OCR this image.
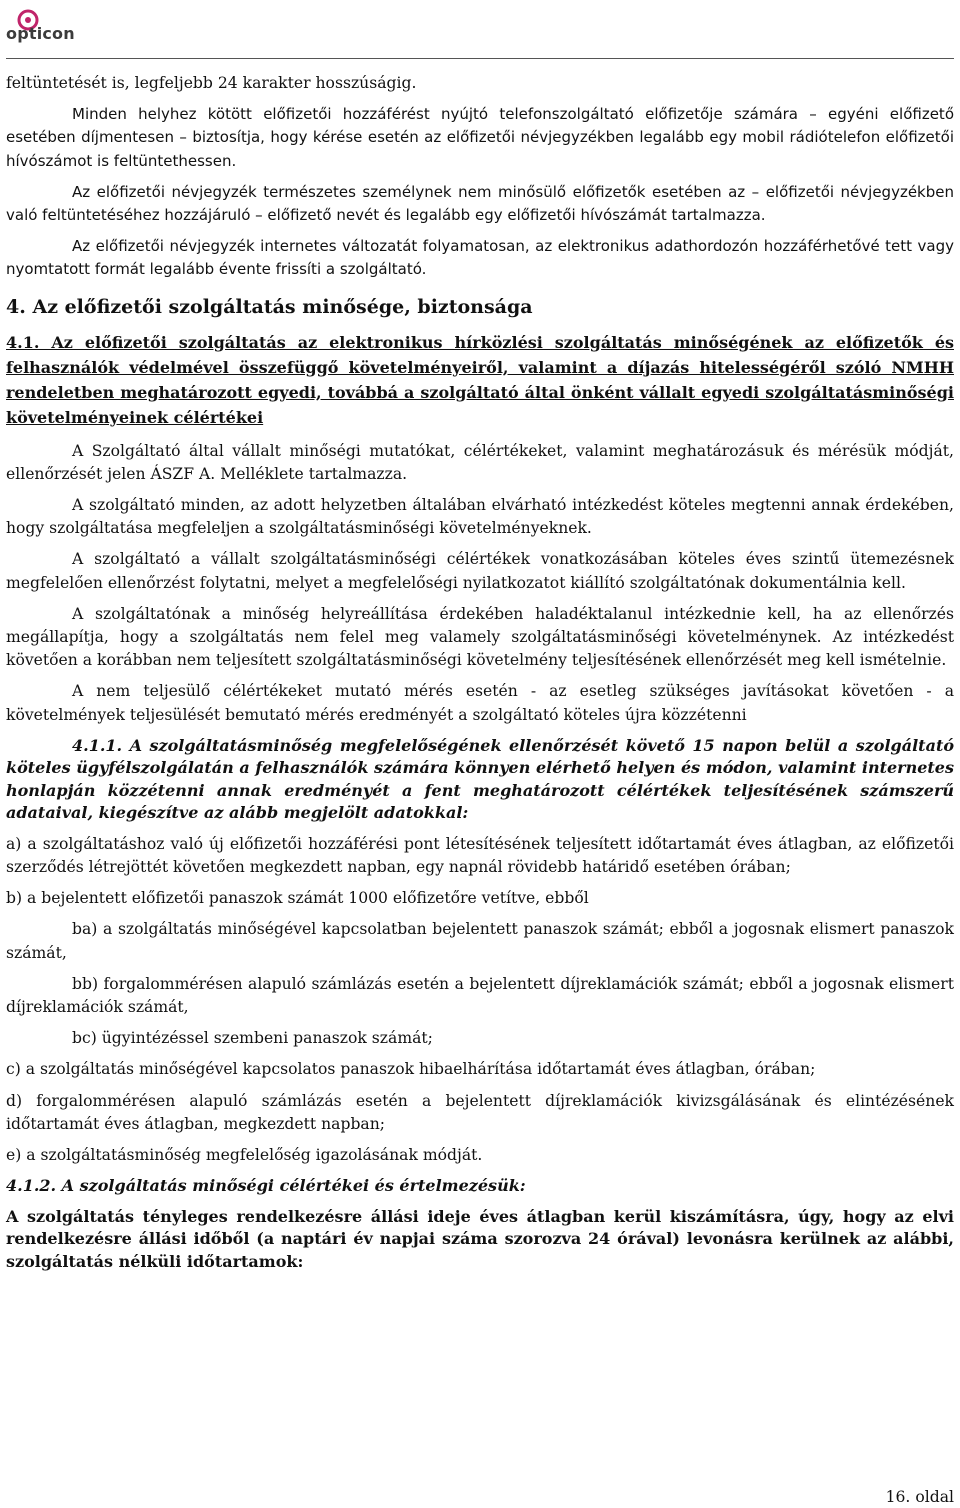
opticon

feltüntetését is, legfeljebb 24 karakter hosszúságig.

Minden helyhez kötött előfizetői hozzáférést nyújtó telefonszolgáltató előfizetője számára – egyéni előfizető esetében díjmentesen – biztosítja, hogy kérése esetén az előfizetői névjegyzékben legalább egy mobil rádiótelefon előfizetői hívószámot is feltüntethessen.

Az előfizetői névjegyzék természetes személynek nem minősülő előfizetők esetében az – előfizetői névjegyzékben való feltüntetéséhez hozzájáruló – előfizető nevét és legalább egy előfizetői hívószámát tartalmazza.

Az előfizetői névjegyzék internetes változatát folyamatosan, az elektronikus adathordozón hozzáférhetővé tett vagy nyomtatott formát legalább évente frissíti a szolgáltató.

4. Az előfizetői szolgáltatás minősége, biztonsága

4.1. Az előfizetői szolgáltatás az elektronikus hírközlési szolgáltatás minőségének az előfizetők és felhasználók védelmével összefüggő követelményeiről, valamint a díjazás hitelességéről szóló NMHH rendeletben meghatározott egyedi, továbbá a szolgáltató által önként vállalt egyedi szolgáltatásminőségi követelményeinek célértékei

A Szolgáltató által vállalt minőségi mutatókat, célértékeket, valamint meghatározásuk és mérésük módját, ellenőrzését jelen ÁSZF A. Melléklete tartalmazza.

A szolgáltató minden, az adott helyzetben általában elvárható intézkedést köteles megtenni annak érdekében, hogy szolgáltatása megfeleljen a szolgáltatásminőségi követelményeknek.

A szolgáltató a vállalt szolgáltatásminőségi célértékek vonatkozásában köteles éves szintű ütemezésnek megfelelően ellenőrzést folytatni, melyet a megfelelőségi nyilatkozatot kiállító szolgáltatónak dokumentálnia kell.

A szolgáltatónak a minőség helyreállítása érdekében haladéktalanul intézkednie kell, ha az ellenőrzés megállapítja, hogy a szolgáltatás nem felel meg valamely szolgáltatásminőségi követelménynek. Az intézkedést követően a korábban nem teljesített szolgáltatásminőségi követelmény teljesítésének ellenőrzését meg kell ismételnie.

A nem teljesülő célértékeket mutató mérés esetén - az esetleg szükséges javításokat követően - a követelmények teljesülését bemutató mérés eredményét a szolgáltató köteles újra közzétenni

4.1.1. A szolgáltatásminőség megfelelőségének ellenőrzését követő 15 napon belül a szolgáltató köteles ügyfélszolgálatán a felhasználók számára könnyen elérhető helyen és módon, valamint internetes honlapján közzétenni annak eredményét a fent meghatározott célértékek teljesítésének számszerű adataival, kiegészítve az alább megjelölt adatokkal:

a) a szolgáltatáshoz való új előfizetői hozzáférési pont létesítésének teljesített időtartamát éves átlagban, az előfizetői szerződés létrejöttét követően megkezdett napban, egy napnál rövidebb határidő esetében órában;

b) a bejelentett előfizetői panaszok számát 1000 előfizetőre vetítve, ebből

ba) a szolgáltatás minőségével kapcsolatban bejelentett panaszok számát; ebből a jogosnak elismert panaszok számát,

bb) forgalommérésen alapuló számlázás esetén a bejelentett díjreklamációk számát; ebből a jogosnak elismert díjreklamációk számát,

bc) ügyintézéssel szembeni panaszok számát;

c) a szolgáltatás minőségével kapcsolatos panaszok hibaelhárítása időtartamát éves átlagban, órában;

d) forgalommérésen alapuló számlázás esetén a bejelentett díjreklamációk kivizsgálásának és elintézésének időtartamát éves átlagban, megkezdett napban;

e) a szolgáltatásminőség megfelelőség igazolásának módját.

4.1.2. A szolgáltatás minőségi célértékei és értelmezésük:

A szolgáltatás tényleges rendelkezésre állási ideje éves átlagban kerül kiszámításra, úgy, hogy az elvi rendelkezésre állási időből (a naptári év napjai száma szorozva 24 órával) levonásra kerülnek az alábbi, szolgáltatás nélküli időtartamok:

16. oldal
